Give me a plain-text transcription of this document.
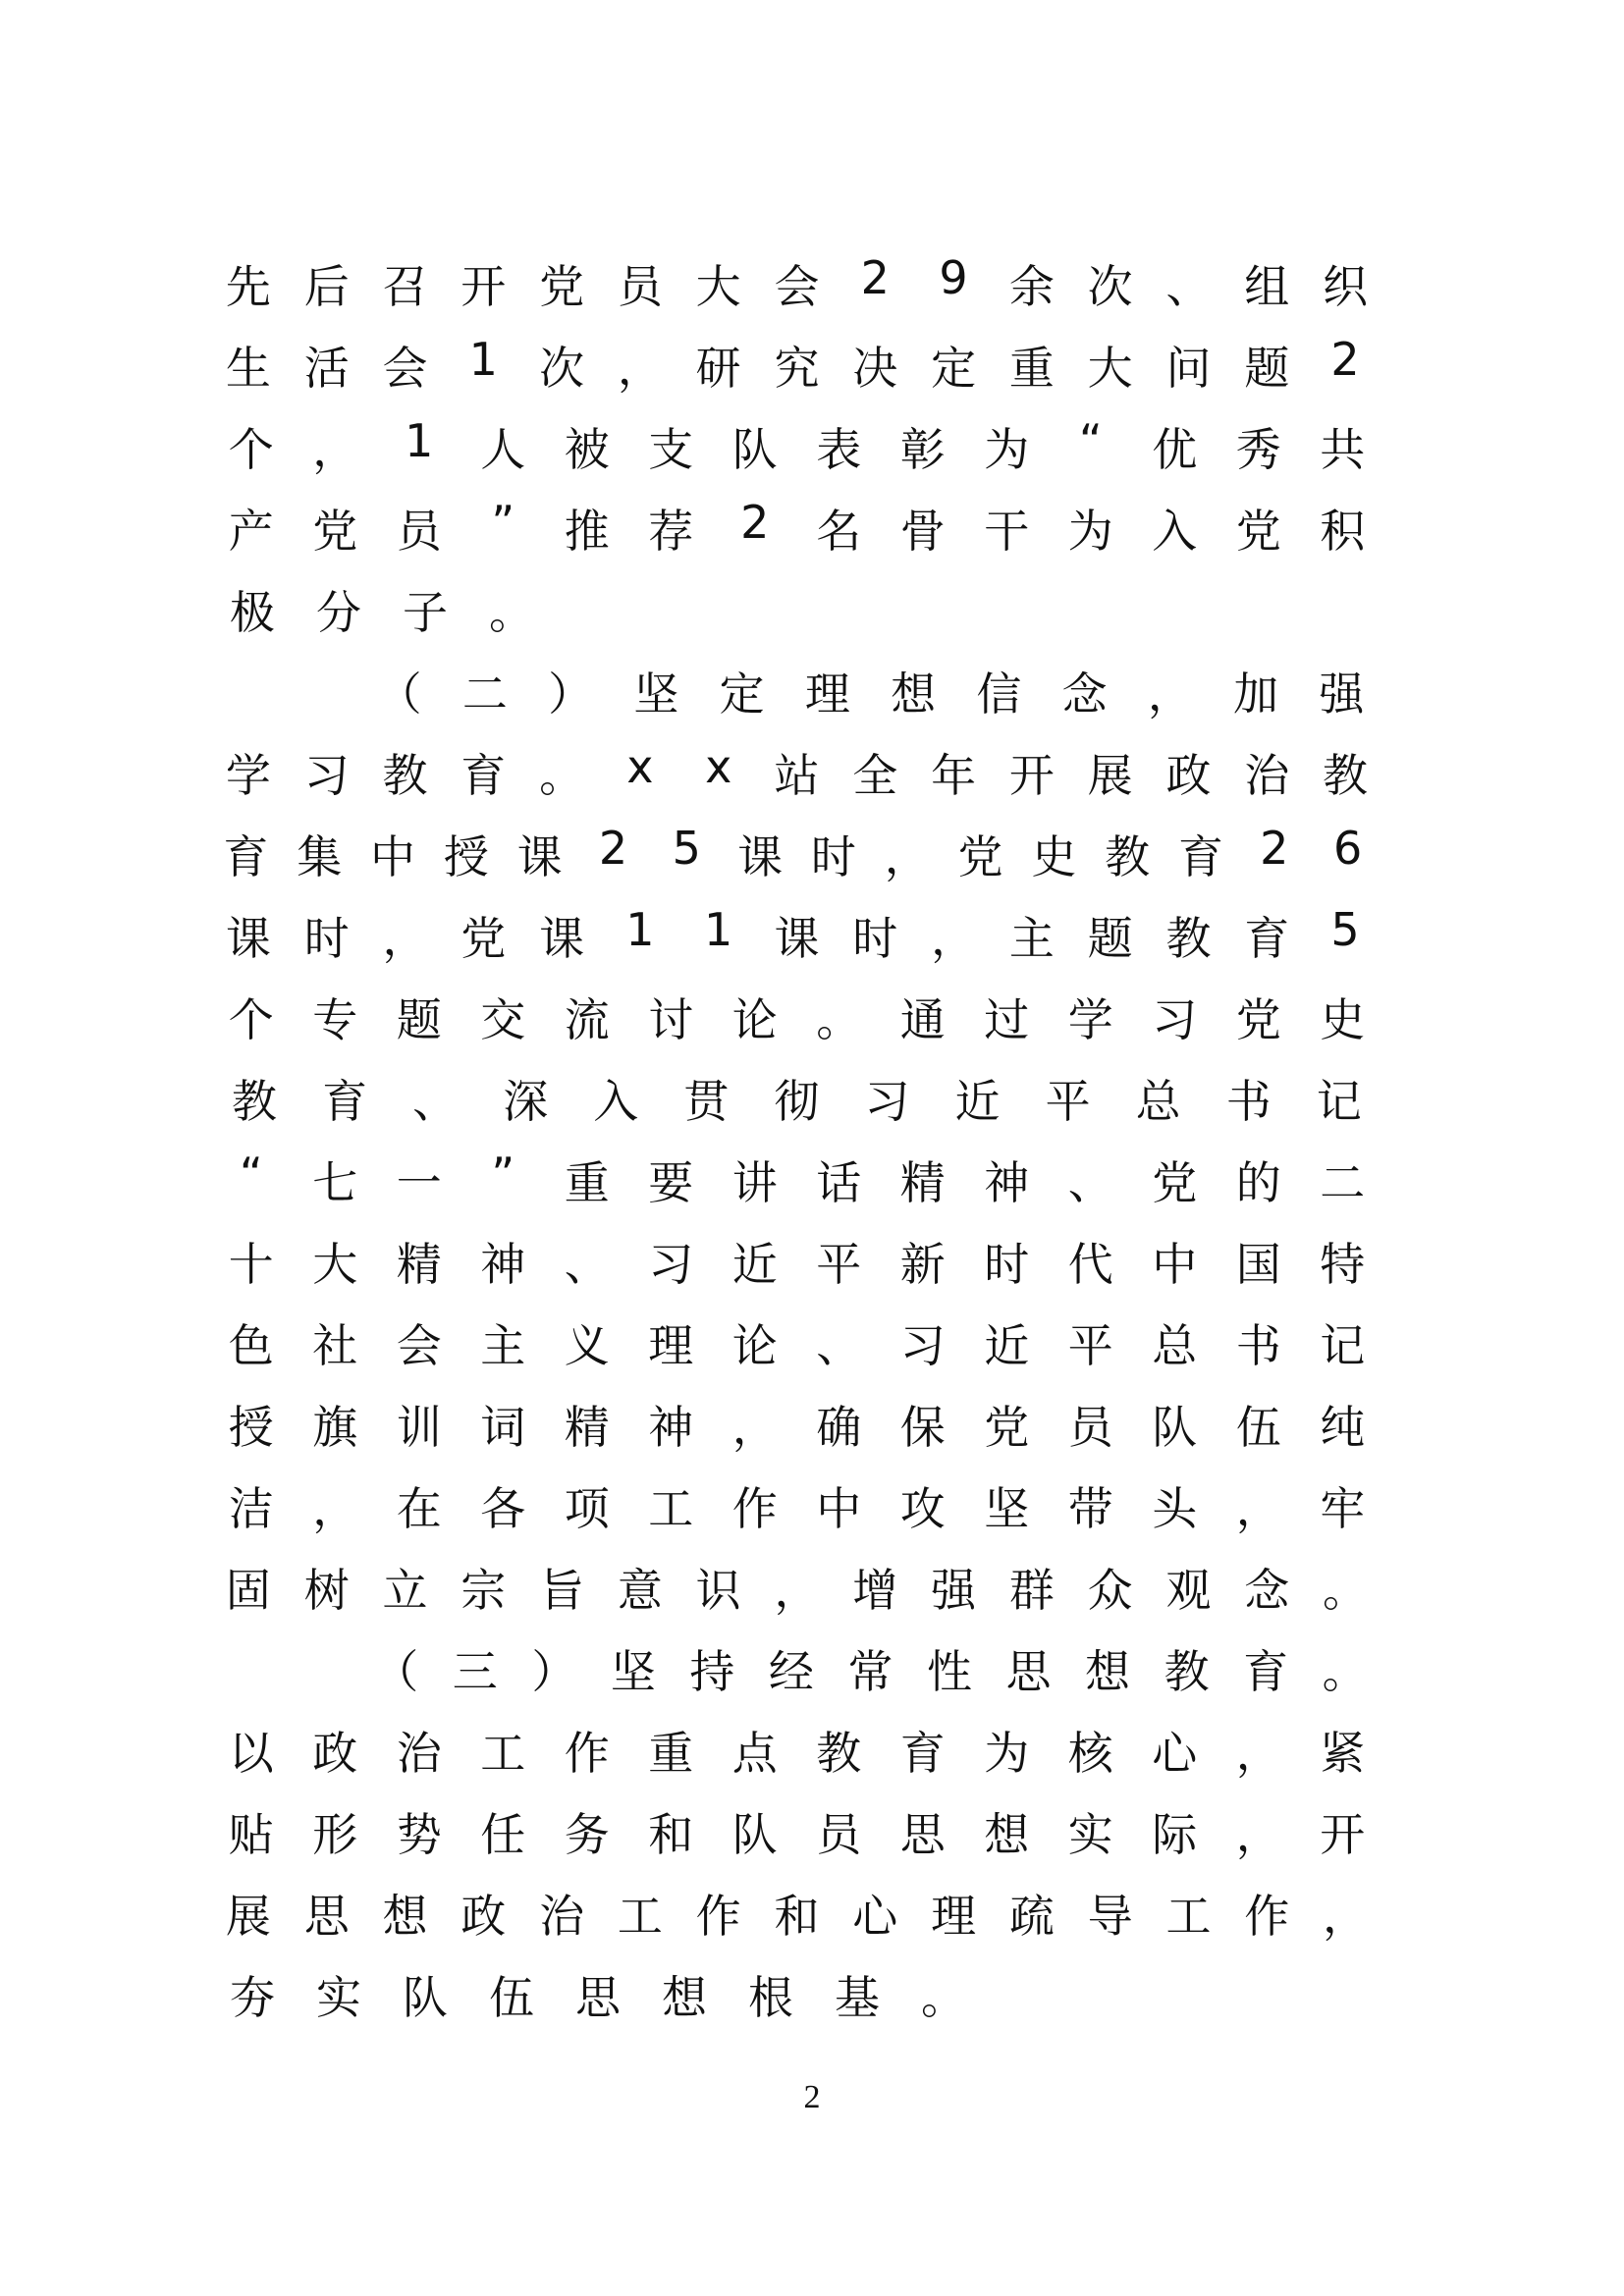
先 后 召 开 党 员 大 会 2	9 余 次 、 组 织
生 活 会 1 次 ， 研 究 决 定 重 大 问 题 2
个 ，	1	人 被 支 队 表 彰 为	“	优 秀 共
产 党 员	”	推 荐	2	名 骨 干 为 入 党 积
极 分 子 。
（ 二 ） 坚 定 理 想 信 念 ， 加 强
学 习 教 育 。 x	x 站 全 年 开 展 政 治 教
育 集 中 授 课 2 5 课 时 ， 党 史 教 育 2 6
课 时 ， 党 课 1	1 课 时 ， 主 题 教 育 5
个 专 题 交 流 讨 论 。 通 过 学 习 党 史
教	育	、	深	入	贯	彻	习	近	平	总	书	记
“	七 一	”	重 要 讲 话 精 神 、 党 的 二
十 大 精 神 、 习 近 平 新 时 代 中 国 特
色 社 会 主 义 理 论 、 习 近 平 总 书 记
授 旗 训 词 精 神 ， 确 保 党 员 队 伍 纯
洁 ， 在 各 项 工 作 中 攻 坚 带 头 ， 牢
固 树 立 宗 旨 意 识 ， 增 强 群 众 观 念 。
（ 三 ） 坚 持 经 常 性 思 想 教 育 。
以 政 治 工 作 重 点 教 育 为 核 心 ， 紧
贴 形 势 任 务 和 队 员 思 想 实 际 ， 开
展 思 想 政 治 工 作 和 心 理 疏 导 工 作 ，
夯 实 队 伍 思 想 根 基 。
2
